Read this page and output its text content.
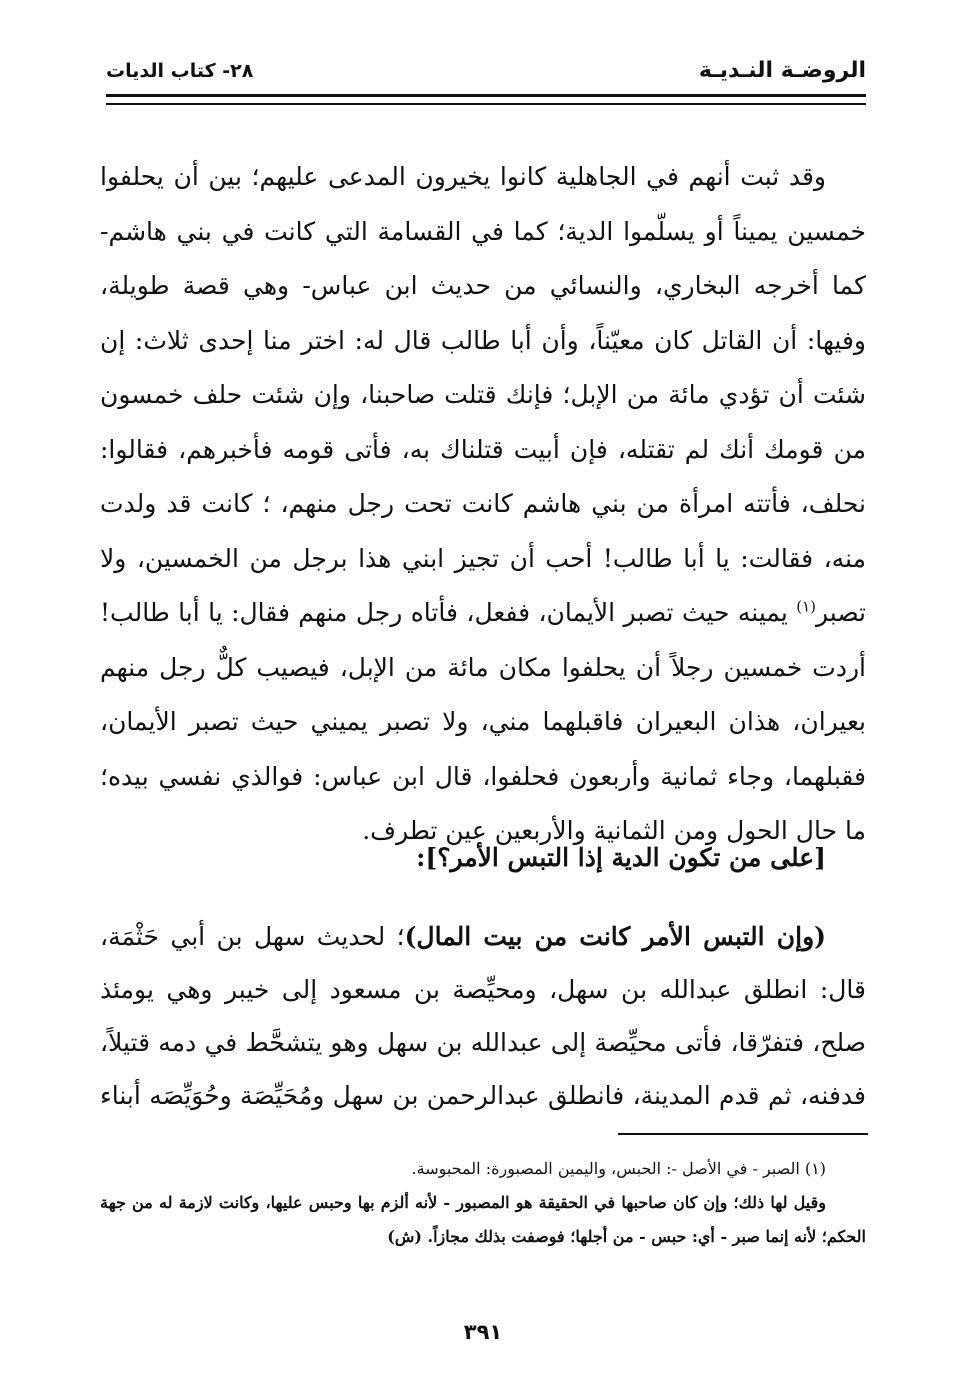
الروضـة النـديـة
٢٨- كتاب الديات

وقد ثبت أنهم في الجاهلية كانوا يخيرون المدعى عليهم؛ بين أن يحلفوا خمسين يميناً أو يسلّموا الدية؛ كما في القسامة التي كانت في بني هاشم- كما أخرجه البخاري، والنسائي من حديث ابن عباس- وهي قصة طويلة، وفيها: أن القاتل كان معيّناً، وأن أبا طالب قال له: اختر منا إحدى ثلاث: إن شئت أن تؤدي مائة من الإبل؛ فإنك قتلت صاحبنا، وإن شئت حلف خمسون من قومك أنك لم تقتله، فإن أبيت قتلناك به، فأتى قومه فأخبرهم، فقالوا: نحلف، فأتته امرأة من بني هاشم كانت تحت رجل منهم، ؛ كانت قد ولدت منه، فقالت: يا أبا طالب! أحب أن تجيز ابني هذا برجل من الخمسين، ولا تصبر$^{(١)}$ يمينه حيث تصبر الأيمان، ففعل، فأتاه رجل منهم فقال: يا أبا طالب! أردت خمسين رجلاً أن يحلفوا مكان مائة من الإبل، فيصيب كلٌّ رجل منهم بعيران، هذان البعيران فاقبلهما مني، ولا تصبر يميني حيث تصبر الأيمان، فقبلهما، وجاء ثمانية وأربعون فحلفوا، قال ابن عباس: فوالذي نفسي بيده؛ ما حال الحول ومن الثمانية والأربعين عين تطرف.

[على من تكون الدية إذا التبس الأمر؟]:

(وإن التبس الأمر كانت من بيت المال)؛ لحديث سهل بن أبي حَثْمَة، قال: انطلق عبدالله بن سهل، ومحيِّصة بن مسعود إلى خيبر وهي يومئذ صلح، فتفرّقا، فأتى محيِّصة إلى عبدالله بن سهل وهو يتشحَّط في دمه قتيلاً، فدفنه، ثم قدم المدينة، فانطلق عبدالرحمن بن سهل ومُحَيِّصَة وحُوَيِّصَه أبناء

(١) الصبر - في الأصل -: الحبس، واليمين المصبورة: المحبوسة.

وقيل لها ذلك؛ وإن كان صاحبها في الحقيقة هو المصبور - لأنه ألزم بها وحبس عليها، وكانت لازمة له من جهة الحكم؛ لأنه إنما صبر - أي: حبس - من أجلها؛ فوصفت بذلك مجازاً. (ش)

٣٩١
